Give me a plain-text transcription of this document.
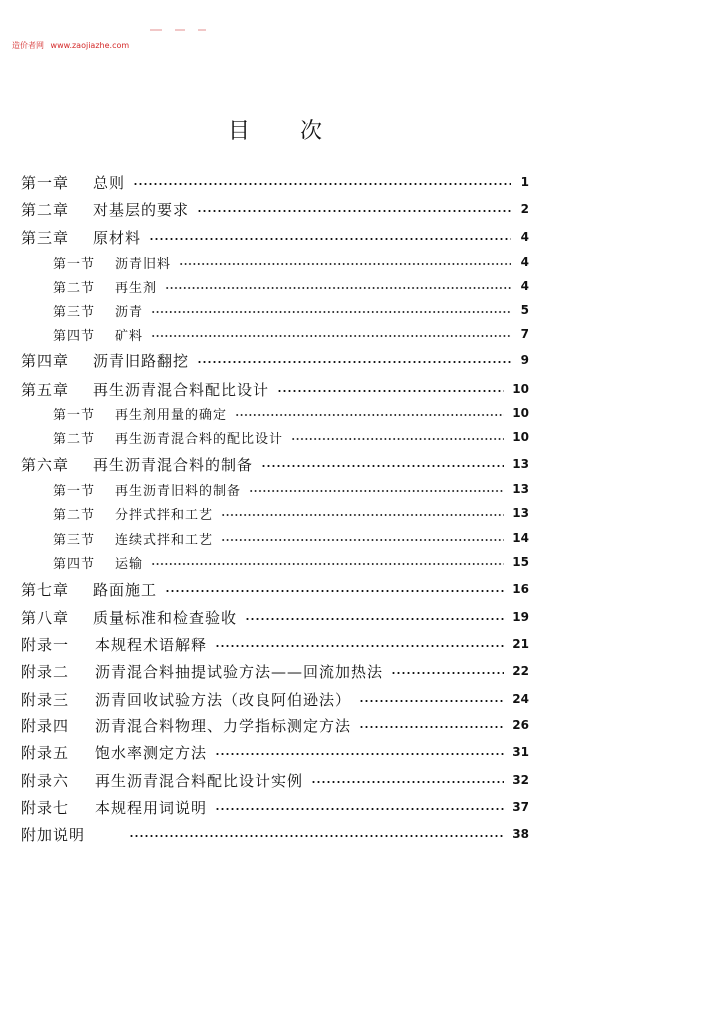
造价者网 www.zaojiazhe.com
目 次
第一章	总则	1
第二章	对基层的要求	2
第三章	原材料	4
第一节	沥青旧料	4
第二节	再生剂	4
第三节	沥青	5
第四节	矿料	7
第四章	沥青旧路翻挖	9
第五章	再生沥青混合料配比设计	10
第一节	再生剂用量的确定	10
第二节	再生沥青混合料的配比设计	10
第六章	再生沥青混合料的制备	13
第一节	再生沥青旧料的制备	13
第二节	分拌式拌和工艺	13
第三节	连续式拌和工艺	14
第四节	运输	15
第七章	路面施工	16
第八章	质量标准和检查验收	19
附录一	本规程术语解释	21
附录二	沥青混合料抽提试验方法——回流加热法	22
附录三	沥青回收试验方法（改良阿伯逊法）	24
附录四	沥青混合料物理、力学指标测定方法	26
附录五	饱水率测定方法	31
附录六	再生沥青混合料配比设计实例	32
附录七	本规程用词说明	37
附加说明	38
